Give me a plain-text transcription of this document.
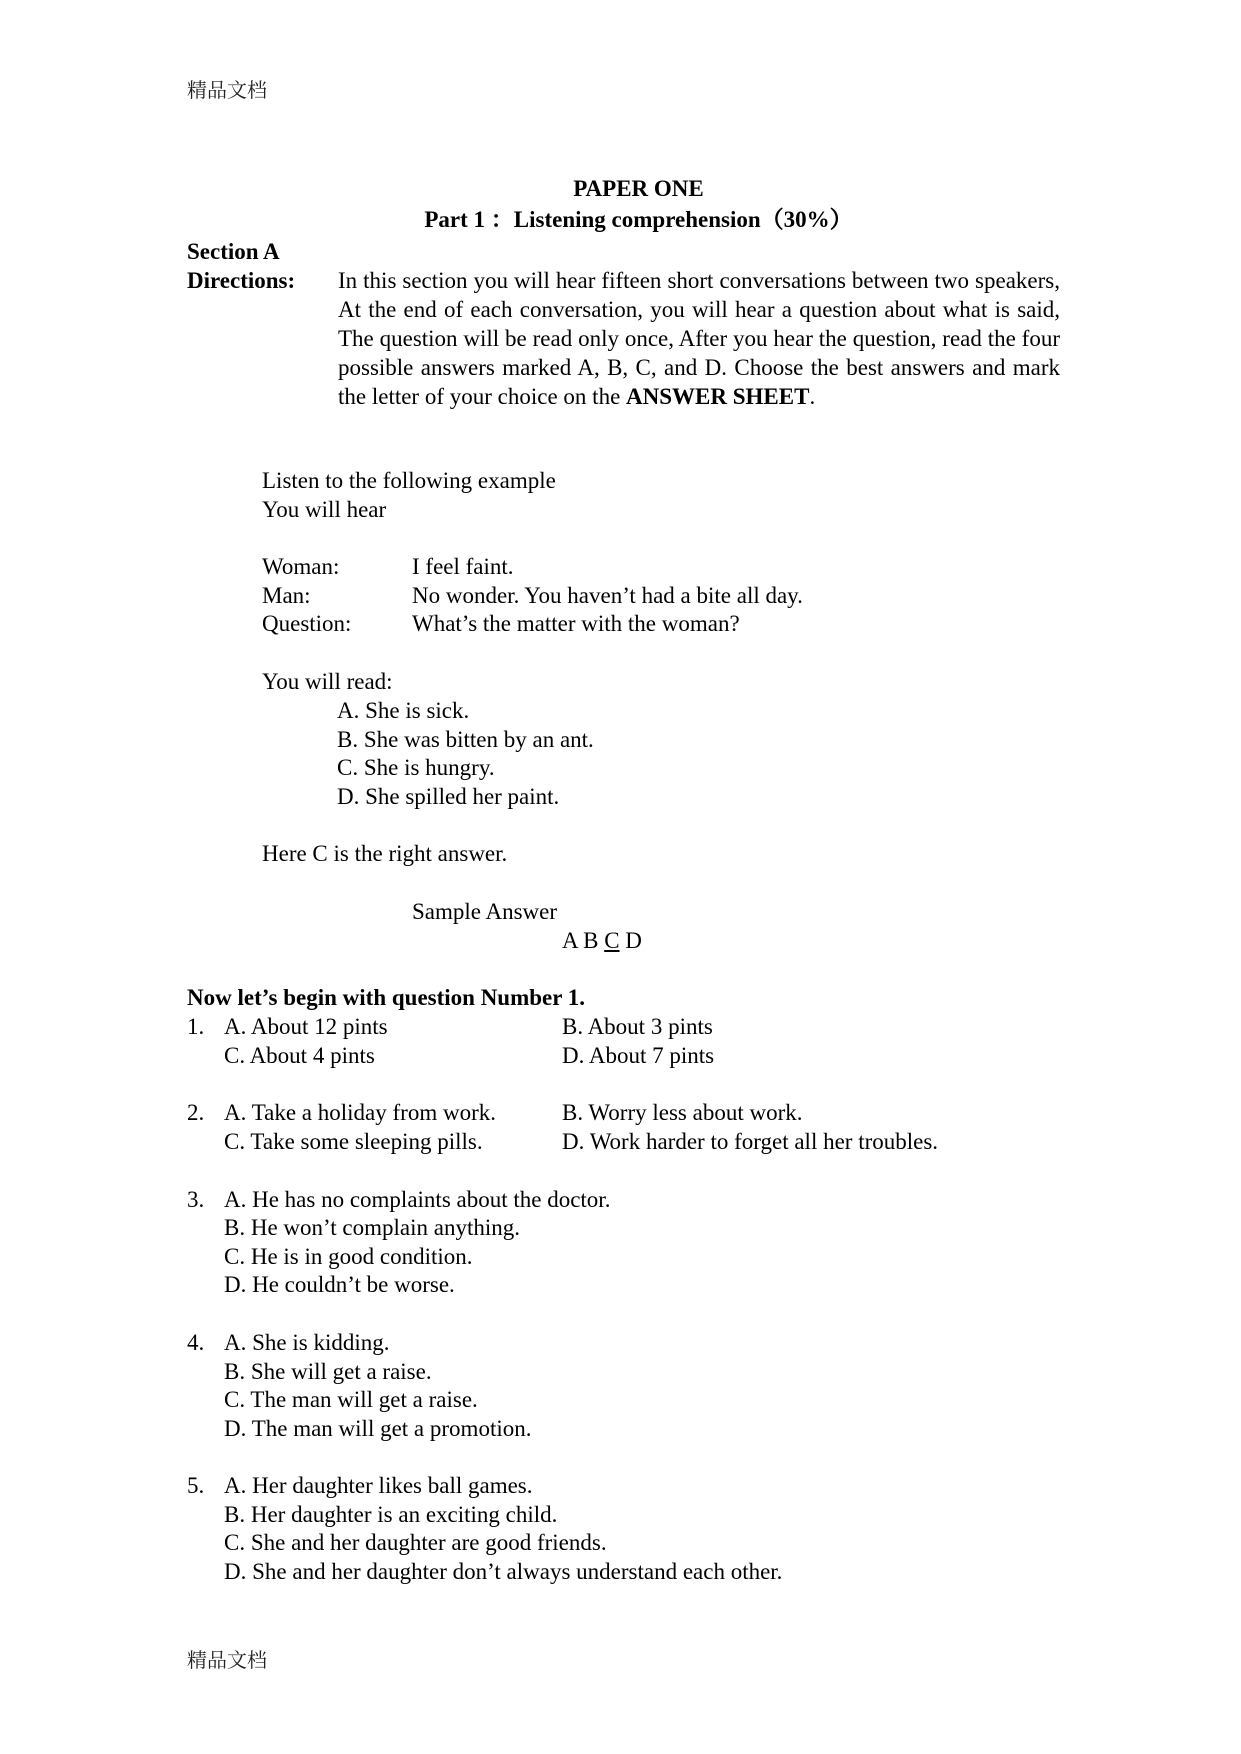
精品文档
PAPER ONE
Part 1 ：Listening comprehension（30%）
Section A
Directions: In this section you will hear fifteen short conversations between two speakers, At the end of each conversation, you will hear a question about what is said, The question will be read only once, After you hear the question, read the four possible answers marked A, B, C, and D. Choose the best answers and mark the letter of your choice on the ANSWER SHEET.
Listen to the following example
You will hear
Woman:	I feel faint.
Man:	No wonder. You haven’t had a bite all day.
Question:	What’s the matter with the woman?
You will read:
A. She is sick.
B. She was bitten by an ant.
C. She is hungry.
D. She spilled her paint.
Here C is the right answer.
Sample Answer
A B C D
Now let’s begin with question Number 1.
1. A. About 12 pints	B. About 3 pints
C. About 4 pints	D. About 7 pints
2. A. Take a holiday from work.	B. Worry less about work.
C. Take some sleeping pills.	D. Work harder to forget all her troubles.
3. A. He has no complaints about the doctor.
B. He won’t complain anything.
C. He is in good condition.
D. He couldn’t be worse.
4. A. She is kidding.
B. She will get a raise.
C. The man will get a raise.
D. The man will get a promotion.
5. A. Her daughter likes ball games.
B. Her daughter is an exciting child.
C. She and her daughter are good friends.
D. She and her daughter don’t always understand each other.
精品文档
